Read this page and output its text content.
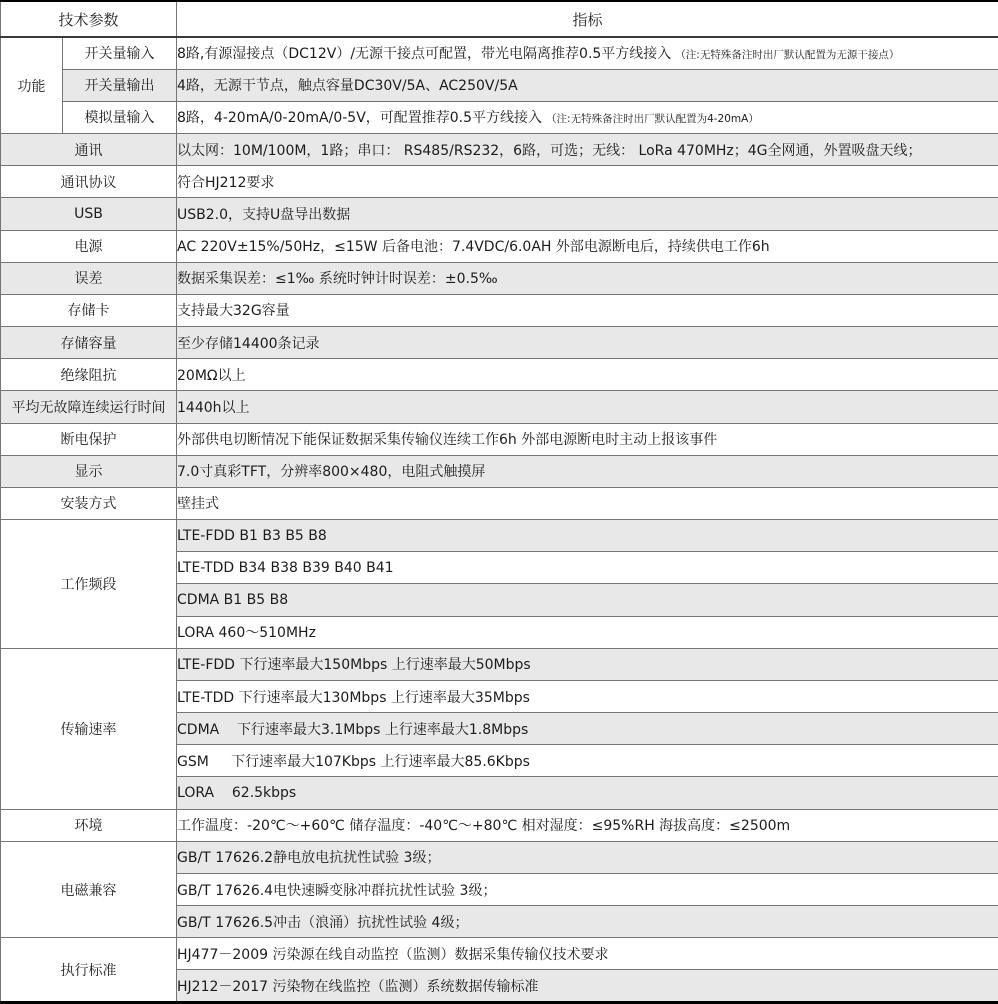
技术参数		指标
功能	开关量输入	8路,有源湿接点（DC12V）/无源干接点可配置，带光电隔离推荐0.5平方线接入 （注:无特殊备注时出厂默认配置为无源干接点）
	开关量输出	4路，无源干节点，触点容量DC30V/5A、AC250V/5A
	模拟量输入	8路，4-20mA/0-20mA/0-5V，可配置推荐0.5平方线接入 （注:无特殊备注时出厂默认配置为4-20mA）
通讯		以太网：10M/100M，1路；串口： RS485/RS232，6路，可选；无线： LoRa 470MHz；4G全网通，外置吸盘天线；
通讯协议		符合HJ212要求
USB		USB2.0，支持U盘导出数据
电源		AC 220V±15%/50Hz，≤15W 后备电池：7.4VDC/6.0AH 外部电源断电后，持续供电工作6h
误差		数据采集误差：≤1‰ 系统时钟计时误差：±0.5‰
存储卡		支持最大32G容量
存储容量		至少存储14400条记录
绝缘阻抗		20MΩ以上
平均无故障连续运行时间		1440h以上
断电保护		外部供电切断情况下能保证数据采集传输仪连续工作6h 外部电源断电时主动上报该事件
显示		7.0寸真彩TFT，分辨率800×480，电阻式触摸屏
安装方式		壁挂式
工作频段		LTE-FDD B1 B3 B5 B8
		LTE-TDD B34 B38 B39 B40 B41
		CDMA B1 B5 B8
		LORA 460～510MHz
传输速率		LTE-FDD 下行速率最大150Mbps 上行速率最大50Mbps
		LTE-TDD 下行速率最大130Mbps 上行速率最大35Mbps
		CDMA    下行速率最大3.1Mbps 上行速率最大1.8Mbps
		GSM     下行速率最大107Kbps 上行速率最大85.6Kbps
		LORA    62.5kbps
环境		工作温度：-20℃～+60℃ 储存温度：-40℃～+80℃ 相对湿度：≤95%RH 海拔高度：≤2500m
电磁兼容		GB/T 17626.2静电放电抗扰性试验 3级；
		GB/T 17626.4电快速瞬变脉冲群抗扰性试验 3级；
		GB/T 17626.5冲击（浪涌）抗扰性试验 4级；
执行标准		HJ477－2009 污染源在线自动监控（监测）数据采集传输仪技术要求
		HJ212－2017 污染物在线监控（监测）系统数据传输标准
